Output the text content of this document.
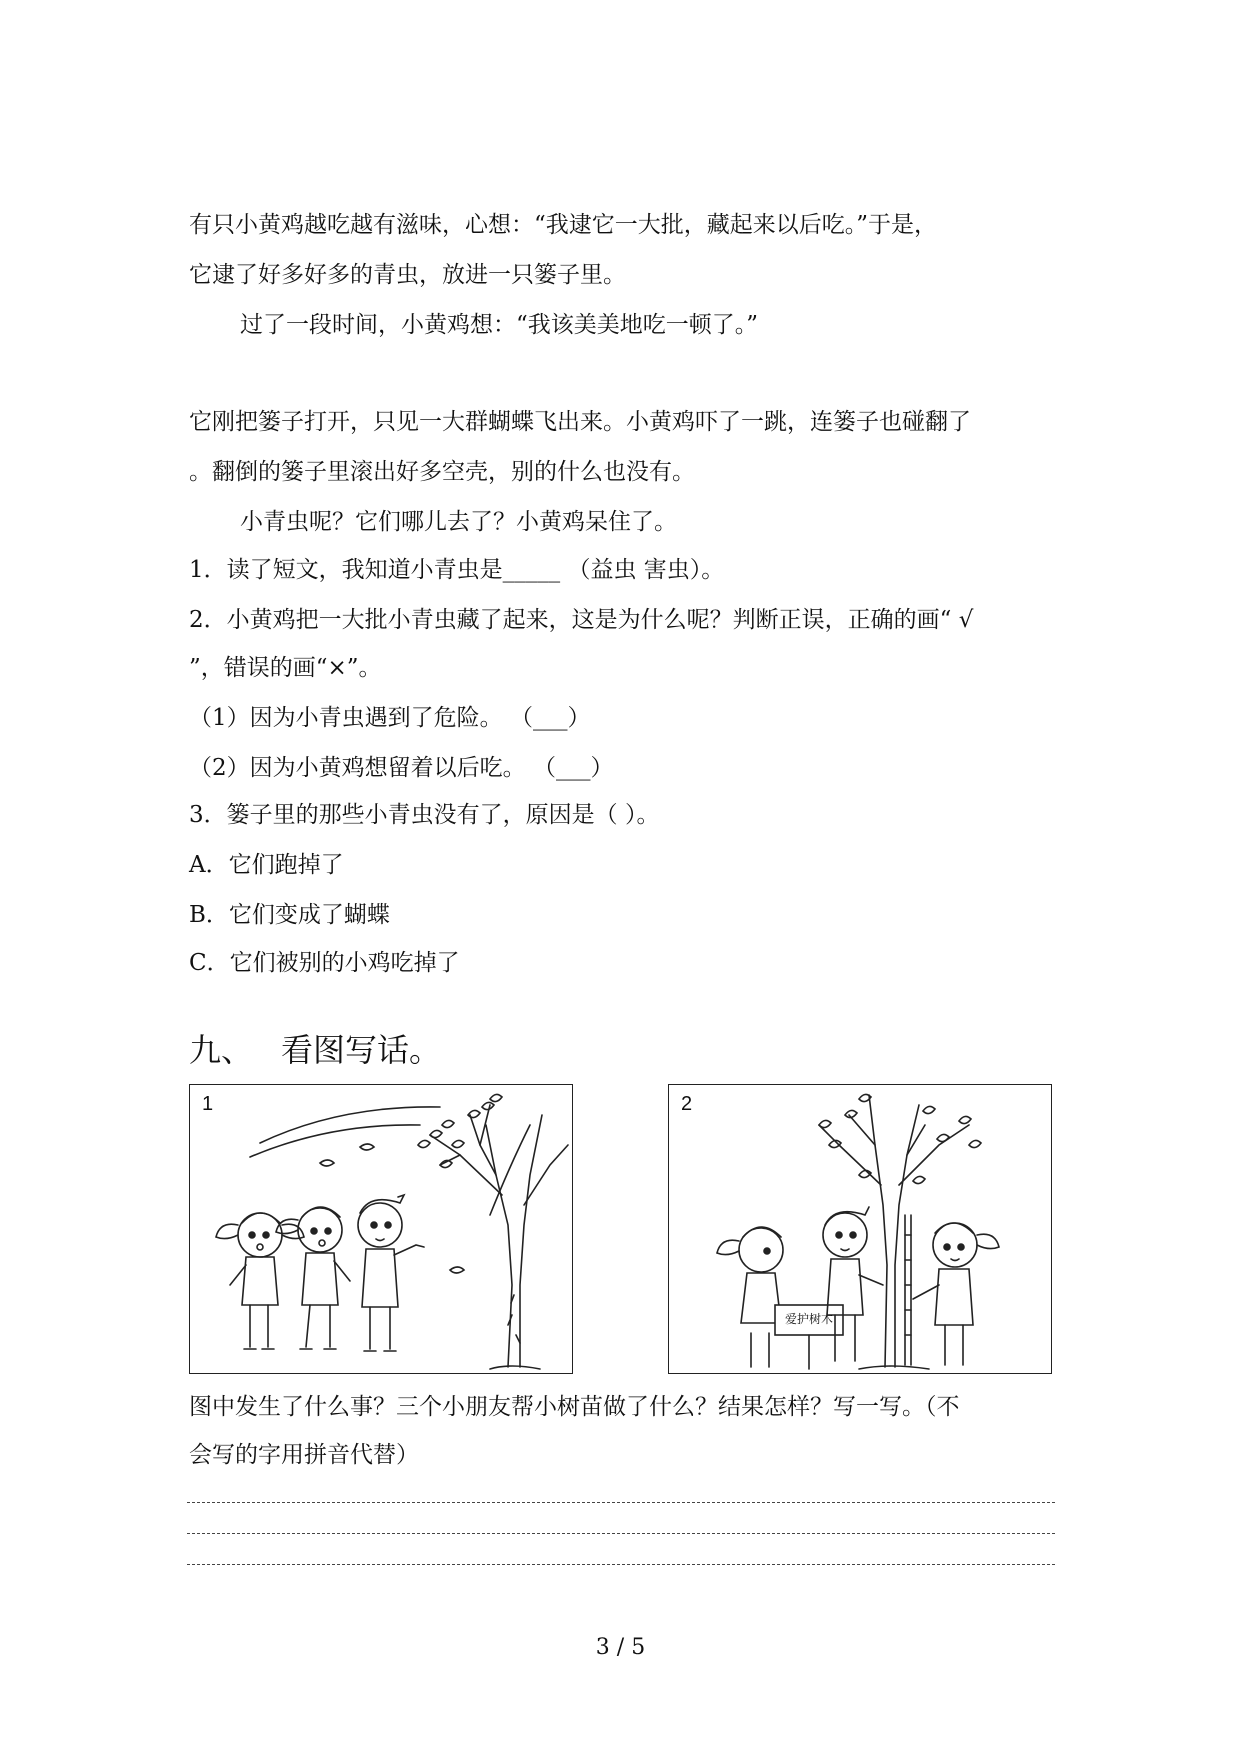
有只小黄鸡越吃越有滋味，心想：“我逮它一大批，藏起来以后吃。”于是，
它逮了好多好多的青虫，放进一只篓子里。
过了一段时间，小黄鸡想：“我该美美地吃一顿了。”
它刚把篓子打开，只见一大群蝴蝶飞出来。小黄鸡吓了一跳，连篓子也碰翻了
。翻倒的篓子里滚出好多空壳，别的什么也没有。
小青虫呢？它们哪儿去了？小黄鸡呆住了。
1．读了短文，我知道小青虫是_____ （益虫 害虫）。
2．小黄鸡把一大批小青虫藏了起来，这是为什么呢？判断正误，正确的画“ √
”，错误的画“×”。
（1）因为小青虫遇到了危险。 （___）
（2）因为小黄鸡想留着以后吃。 （___）
3．篓子里的那些小青虫没有了，原因是（ ）。
A．它们跑掉了
B．它们变成了蝴蝶
C．它们被别的小鸡吃掉了
九、 看图写话。
1	2
爱护树木
图中发生了什么事？三个小朋友帮小树苗做了什么？结果怎样？写一写。（不
会写的字用拼音代替）
3 / 5
